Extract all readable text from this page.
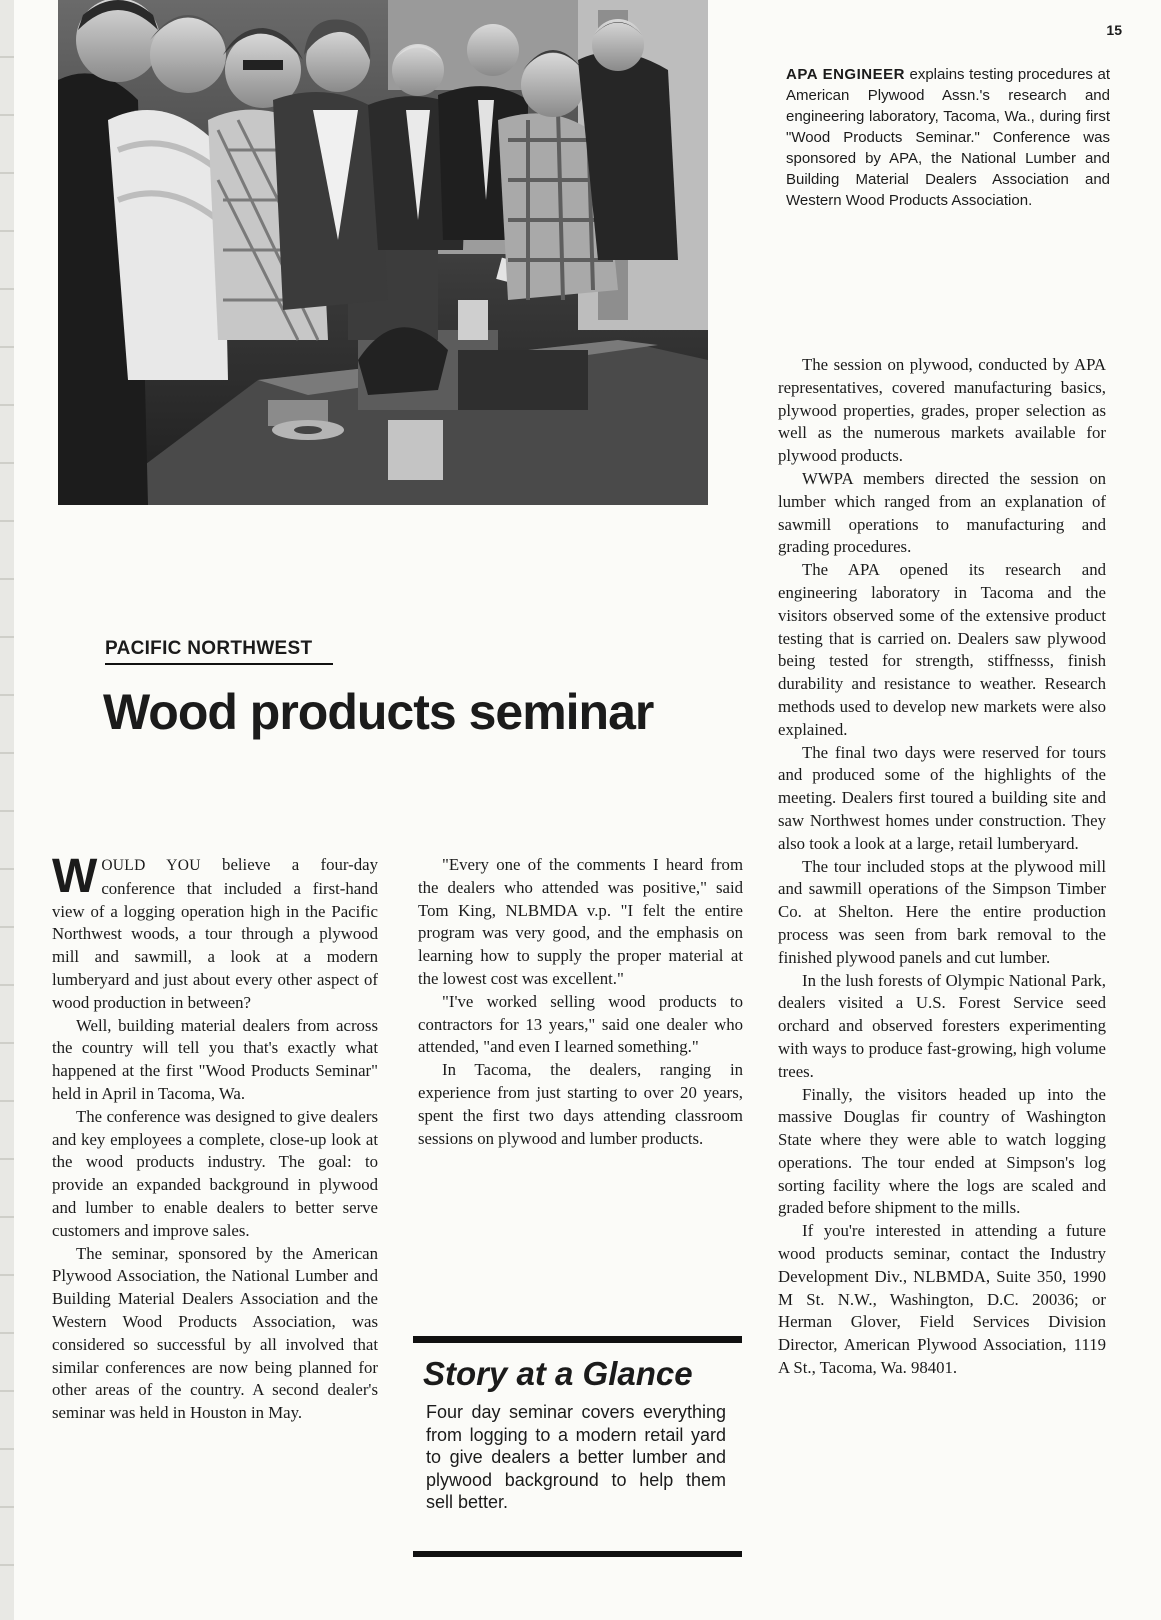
15
APA ENGINEER explains testing procedures at American Plywood Assn.'s research and engineering laboratory, Tacoma, Wa., during first "Wood Products Seminar." Conference was sponsored by APA, the National Lumber and Building Material Dealers Association and Western Wood Products Association.
PACIFIC NORTHWEST
Wood products seminar

WOULD YOU believe a four-day conference that included a first-hand view of a logging operation high in the Pacific Northwest woods, a tour through a plywood mill and sawmill, a look at a modern lumberyard and just about every other aspect of wood production in between?

Well, building material dealers from across the country will tell you that's exactly what happened at the first "Wood Products Seminar" held in April in Tacoma, Wa.

The conference was designed to give dealers and key employees a complete, close-up look at the wood products industry. The goal: to provide an expanded background in plywood and lumber to enable dealers to better serve customers and improve sales.

The seminar, sponsored by the American Plywood Association, the National Lumber and Building Material Dealers Association and the Western Wood Products Association, was considered so successful by all involved that similar conferences are now being planned for other areas of the country. A second dealer's seminar was held in Houston in May.

"Every one of the comments I heard from the dealers who attended was positive," said Tom King, NLBMDA v.p. "I felt the entire program was very good, and the emphasis on learning how to supply the proper material at the lowest cost was excellent."

"I've worked selling wood products to contractors for 13 years," said one dealer who attended, "and even I learned something."

In Tacoma, the dealers, ranging in experience from just starting to over 20 years, spent the first two days attending classroom sessions on plywood and lumber products.

The session on plywood, conducted by APA representatives, covered manufacturing basics, plywood properties, grades, proper selection as well as the numerous markets available for plywood products.

WWPA members directed the session on lumber which ranged from an explanation of sawmill operations to manufacturing and grading procedures.

The APA opened its research and engineering laboratory in Tacoma and the visitors observed some of the extensive product testing that is carried on. Dealers saw plywood being tested for strength, stiffnesss, finish durability and resistance to weather. Research methods used to develop new markets were also explained.

The final two days were reserved for tours and produced some of the highlights of the meeting. Dealers first toured a building site and saw Northwest homes under construction. They also took a look at a large, retail lumberyard.

The tour included stops at the plywood mill and sawmill operations of the Simpson Timber Co. at Shelton. Here the entire production process was seen from bark removal to the finished plywood panels and cut lumber.

In the lush forests of Olympic National Park, dealers visited a U.S. Forest Service seed orchard and observed foresters experimenting with ways to produce fast-growing, high volume trees.

Finally, the visitors headed up into the massive Douglas fir country of Washington State where they were able to watch logging operations. The tour ended at Simpson's log sorting facility where the logs are scaled and graded before shipment to the mills.

If you're interested in attending a future wood products seminar, contact the Industry Development Div., NLBMDA, Suite 350, 1990 M St. N.W., Washington, D.C. 20036; or Herman Glover, Field Services Division Director, American Plywood Association, 1119 A St., Tacoma, Wa. 98401.

Story at a Glance
Four day seminar covers everything from logging to a modern retail yard to give dealers a better lumber and plywood background to help them sell better.
